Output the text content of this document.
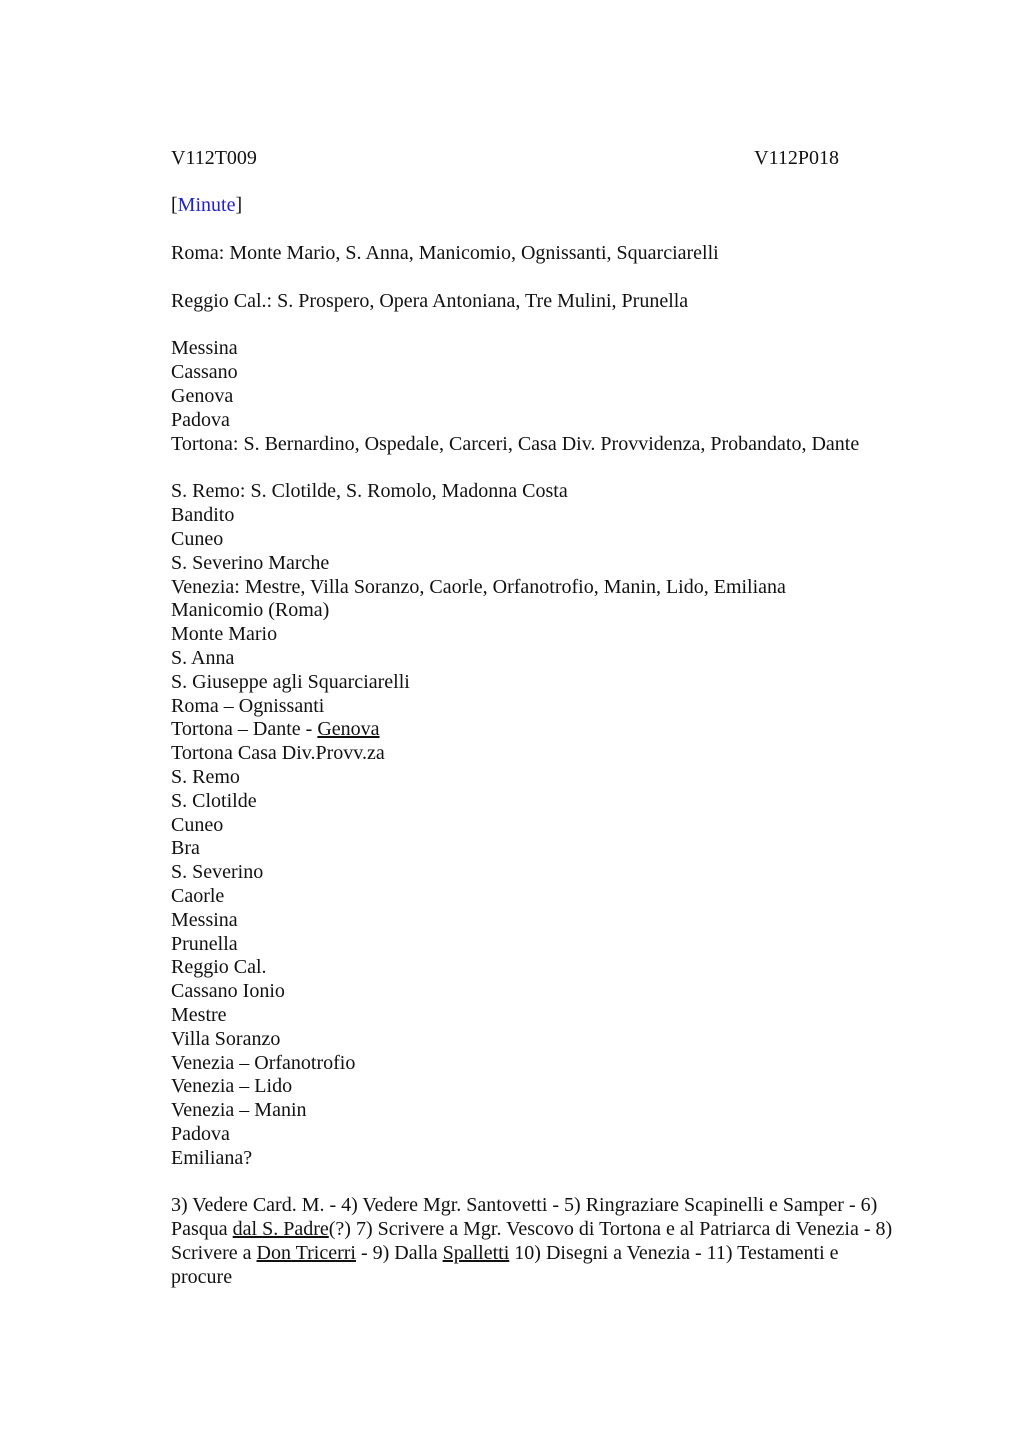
V112T009	V112P018
[Minute]
Roma: Monte Mario, S. Anna, Manicomio, Ognissanti, Squarciarelli
Reggio Cal.: S. Prospero, Opera Antoniana, Tre Mulini, Prunella
Messina
Cassano
Genova
Padova
Tortona: S. Bernardino, Ospedale, Carceri, Casa Div. Provvidenza, Probandato, Dante
S. Remo: S. Clotilde, S. Romolo, Madonna Costa
Bandito
Cuneo
S. Severino Marche
Venezia: Mestre, Villa Soranzo, Caorle, Orfanotrofio, Manin, Lido, Emiliana
Manicomio (Roma)
Monte Mario
S. Anna
S. Giuseppe agli Squarciarelli
Roma – Ognissanti
Tortona – Dante - Genova
Tortona Casa Div.Provv.za
S. Remo
S. Clotilde
Cuneo
Bra
S. Severino
Caorle
Messina
Prunella
Reggio Cal.
Cassano Ionio
Mestre
Villa Soranzo
Venezia – Orfanotrofio
Venezia – Lido
Venezia – Manin
Padova
Emiliana?
3) Vedere Card. M. - 4) Vedere Mgr. Santovetti - 5) Ringraziare Scapinelli e Samper - 6)
Pasqua dal S. Padre(?) 7) Scrivere a Mgr. Vescovo di Tortona e al Patriarca di Venezia - 8)
Scrivere a Don Tricerri - 9) Dalla Spalletti 10) Disegni a Venezia - 11) Testamenti e
procure
